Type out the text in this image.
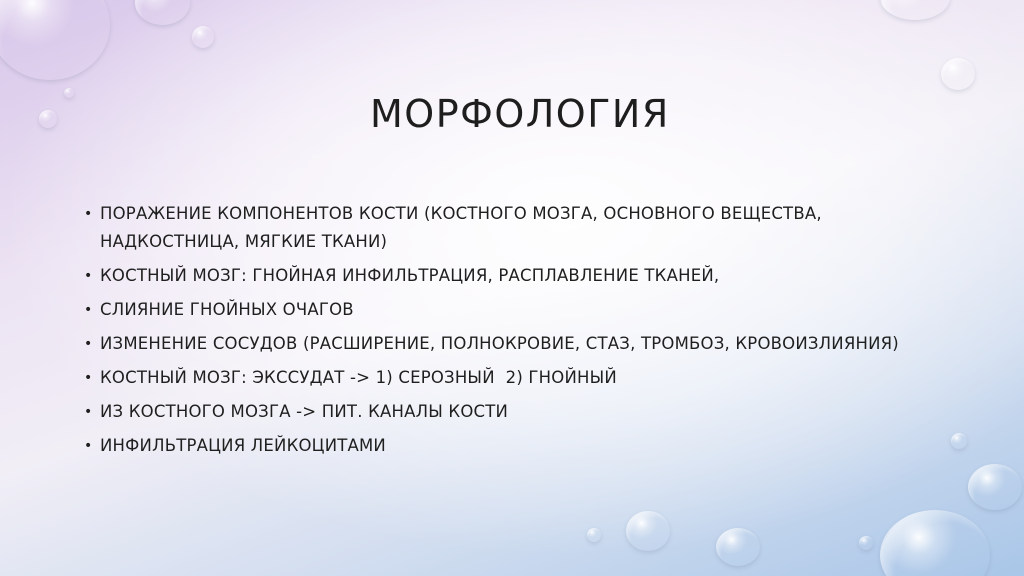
МОРФОЛОГИЯ
• ПОРАЖЕНИЕ КОМПОНЕНТОВ КОСТИ (КОСТНОГО МОЗГА, ОСНОВНОГО ВЕЩЕСТВА, НАДКОСТНИЦА, МЯГКИЕ ТКАНИ)
• КОСТНЫЙ МОЗГ: ГНОЙНАЯ ИНФИЛЬТРАЦИЯ, РАСПЛАВЛЕНИЕ ТКАНЕЙ,
• СЛИЯНИЕ ГНОЙНЫХ ОЧАГОВ
• ИЗМЕНЕНИЕ СОСУДОВ (РАСШИРЕНИЕ, ПОЛНОКРОВИЕ, СТАЗ, ТРОМБОЗ, КРОВОИЗЛИЯНИЯ)
• КОСТНЫЙ МОЗГ: ЭКССУДАТ -> 1) СЕРОЗНЫЙ  2) ГНОЙНЫЙ
• ИЗ КОСТНОГО МОЗГА -> ПИТ. КАНАЛЫ КОСТИ
• ИНФИЛЬТРАЦИЯ ЛЕЙКОЦИТАМИ
